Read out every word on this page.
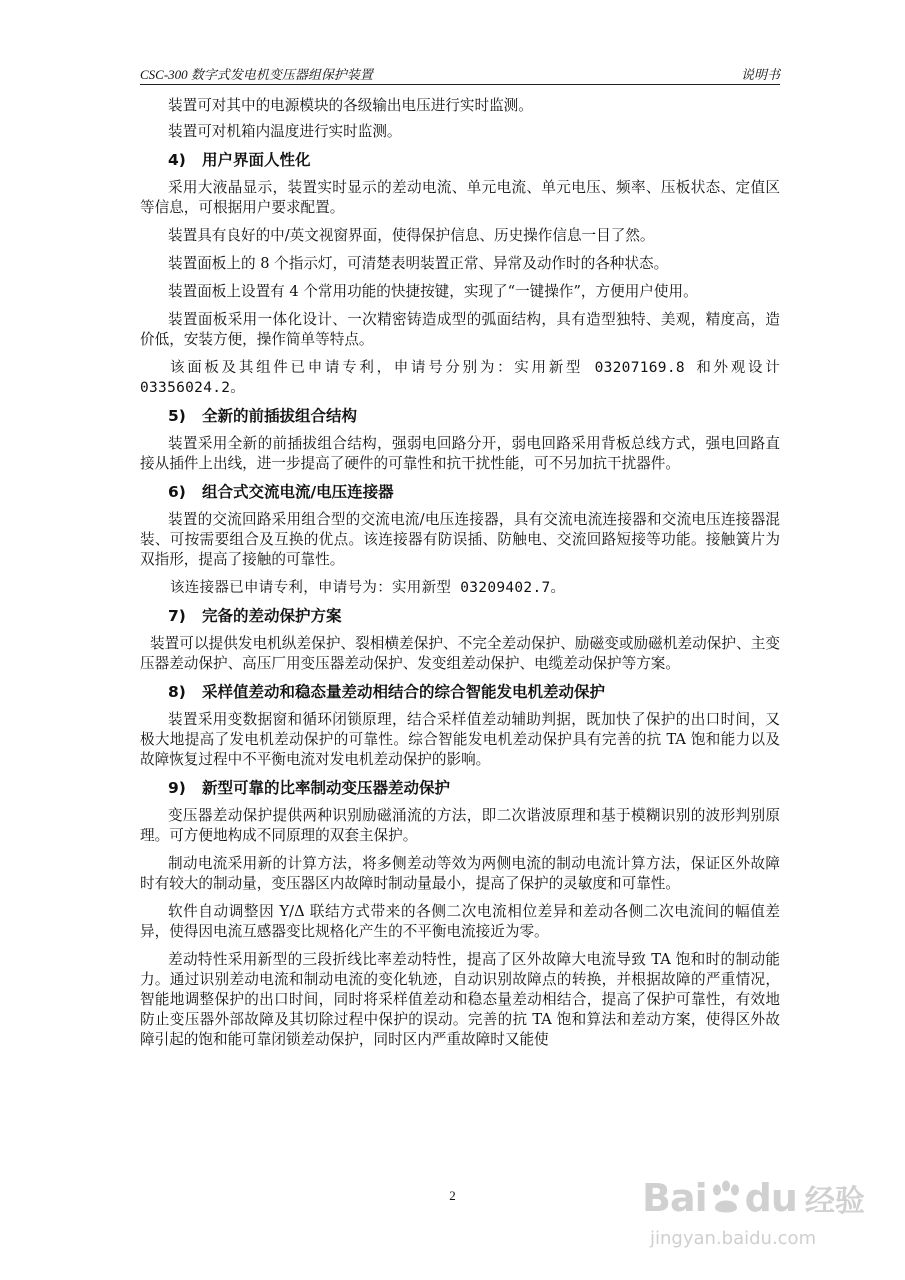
CSC-300 数字式发电机变压器组保护装置	说明书

装置可对其中的电源模块的各级输出电压进行实时监测。

装置可对机箱内温度进行实时监测。

4) 用户界面人性化

采用大液晶显示，装置实时显示的差动电流、单元电流、单元电压、频率、压板状态、定值区等信息，可根据用户要求配置。

装置具有良好的中/英文视窗界面，使得保护信息、历史操作信息一目了然。

装置面板上的 8 个指示灯，可清楚表明装置正常、异常及动作时的各种状态。

装置面板上设置有 4 个常用功能的快捷按键，实现了“一键操作”，方便用户使用。

装置面板采用一体化设计、一次精密铸造成型的弧面结构，具有造型独特、美观，精度高，造价低，安装方便，操作简单等特点。

该面板及其组件已申请专利，申请号分别为：实用新型 03207169.8 和外观设计 03356024.2。

5) 全新的前插拔组合结构

装置采用全新的前插拔组合结构，强弱电回路分开，弱电回路采用背板总线方式，强电回路直接从插件上出线，进一步提高了硬件的可靠性和抗干扰性能，可不另加抗干扰器件。

6) 组合式交流电流/电压连接器

装置的交流回路采用组合型的交流电流/电压连接器，具有交流电流连接器和交流电压连接器混装、可按需要组合及互换的优点。该连接器有防误插、防触电、交流回路短接等功能。接触簧片为双指形，提高了接触的可靠性。

该连接器已申请专利，申请号为：实用新型 03209402.7。

7) 完备的差动保护方案

装置可以提供发电机纵差保护、裂相横差保护、不完全差动保护、励磁变或励磁机差动保护、主变压器差动保护、高压厂用变压器差动保护、发变组差动保护、电缆差动保护等方案。

8) 采样值差动和稳态量差动相结合的综合智能发电机差动保护

装置采用变数据窗和循环闭锁原理，结合采样值差动辅助判据，既加快了保护的出口时间，又极大地提高了发电机差动保护的可靠性。综合智能发电机差动保护具有完善的抗 TA 饱和能力以及故障恢复过程中不平衡电流对发电机差动保护的影响。

9) 新型可靠的比率制动变压器差动保护

变压器差动保护提供两种识别励磁涌流的方法，即二次谐波原理和基于模糊识别的波形判别原理。可方便地构成不同原理的双套主保护。

制动电流采用新的计算方法，将多侧差动等效为两侧电流的制动电流计算方法，保证区外故障时有较大的制动量，变压器区内故障时制动量最小，提高了保护的灵敏度和可靠性。

软件自动调整因 Y/Δ 联结方式带来的各侧二次电流相位差异和差动各侧二次电流间的幅值差异，使得因电流互感器变比规格化产生的不平衡电流接近为零。

差动特性采用新型的三段折线比率差动特性，提高了区外故障大电流导致 TA 饱和时的制动能力。通过识别差动电流和制动电流的变化轨迹，自动识别故障点的转换，并根据故障的严重情况，智能地调整保护的出口时间，同时将采样值差动和稳态量差动相结合，提高了保护可靠性，有效地防止变压器外部故障及其切除过程中保护的误动。完善的抗 TA 饱和算法和差动方案，使得区外故障引起的饱和能可靠闭锁差动保护，同时区内严重故障时又能使

2	Bai du 经验
jingyan.baidu.com
